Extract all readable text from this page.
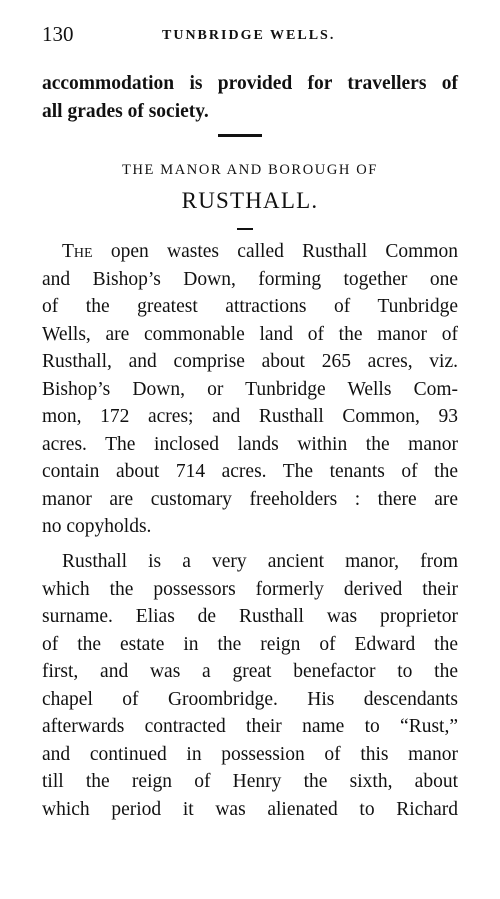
130	TUNBRIDGE WELLS.
accommodation is provided for travellers of
all grades of society.
THE MANOR AND BOROUGH OF
RUSTHALL.
The open wastes called Rusthall Common
and Bishop’s Down, forming together one
of the greatest attractions of Tunbridge
Wells, are commonable land of the manor of
Rusthall, and comprise about 265 acres, viz.
Bishop’s Down, or Tunbridge Wells Com-
mon, 172 acres; and Rusthall Common, 93
acres. The inclosed lands within the manor
contain about 714 acres. The tenants of the
manor are customary freeholders : there are
no copyholds.
Rusthall is a very ancient manor, from
which the possessors formerly derived their
surname. Elias de Rusthall was proprietor
of the estate in the reign of Edward the
first, and was a great benefactor to the
chapel of Groombridge. His descendants
afterwards contracted their name to “Rust,”
and continued in possession of this manor
till the reign of Henry the sixth, about
which period it was alienated to Richard
